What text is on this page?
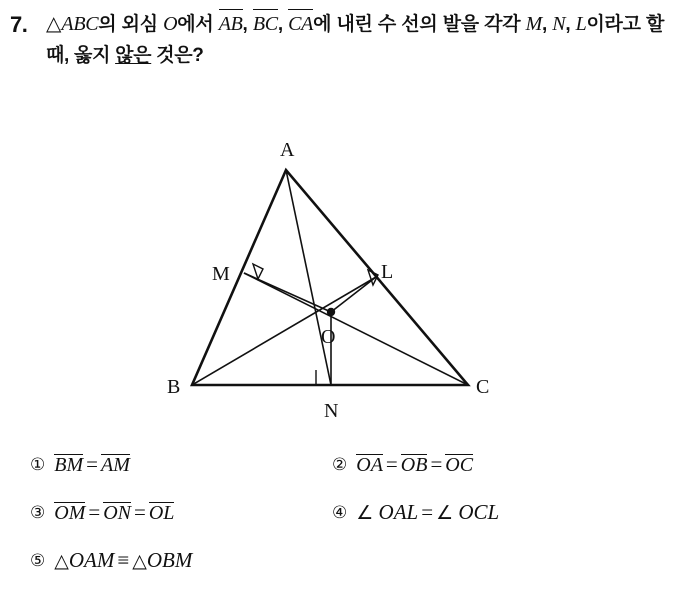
7. △ABC의 외심 O에서 AB, BC, CA에 내린 수 선의 발을 각각 M, N, L이라고 할 때, 옳지 않은 것은?
A
B	C
M	L
N
O
① BM = AM	② OA = OB = OC
③ OM = ON = OL	④ ∠ OAL = ∠ OCL
⑤ △OAM ≡ △OBM
